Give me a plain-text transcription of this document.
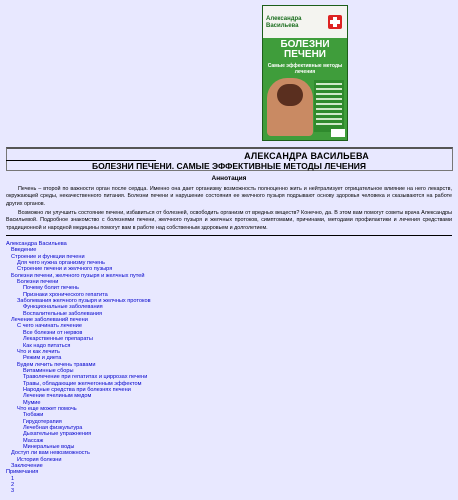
Александра Васильева
БОЛЕЗНИ ПЕЧЕНИ
Самые эффективные методы лечения
АЛЕКСАНДРА ВАСИЛЬЕВА
БОЛЕЗНИ ПЕЧЕНИ. САМЫЕ ЭФФЕКТИВНЫЕ МЕТОДЫ ЛЕЧЕНИЯ
Аннотация

Печень – второй по важности орган после сердца. Именно она дает организму возможность полноценно жить и нейтрализует отрицательное влияние на него лекарств, окружающей среды, некачественного питания. Болезни печени и нарушение состояния ее желчного пузыря подрывают основу здоровья человека и сказываются на работе других органов.

Возможно ли улучшить состояние печени, избавиться от болезней, освободить организм от вредных веществ? Конечно, да. В этом вам помогут советы врача Александры Васильевой. Подробное знакомство с болезнями печени, желчного пузыря и желчных протоков, симптомами, причинами, методами профилактики и лечения средствами традиционной и народной медицины помогут вам в работе над собственным здоровьем и долголетием.

Александра Васильева
Введение
Строение и функции печени
Для чего нужна организму печень
Строение печени и желчного пузыря
Болезни печени, желчного пузыря и желчных путей
Болезни печени
Почему болит печень
Признаки хронического гепатита
Заболевания желчного пузыря и желчных протоков
Функциональные заболевания
Воспалительные заболевания
Лечение заболеваний печени
С чего начинать лечение
Все болезни от нервов
Лекарственные препараты
Как надо питаться
Что и как лечить
Режим и диета
Будем лечить печень травами
Витаминные сборы
Траволечение при гепатитах и циррозах печени
Травы, обладающие желчегонным эффектом
Народные средства при болезнях печени
Лечение пчелиным медом
Мумие
Что еще может помочь
Тюбажи
Гирудотерапия
Лечебная физкультура
Дыхательные упражнения
Массаж
Минеральные воды
Доступ ли вам невозможность
История болезни
Заключение
Примечания
1
2
3
